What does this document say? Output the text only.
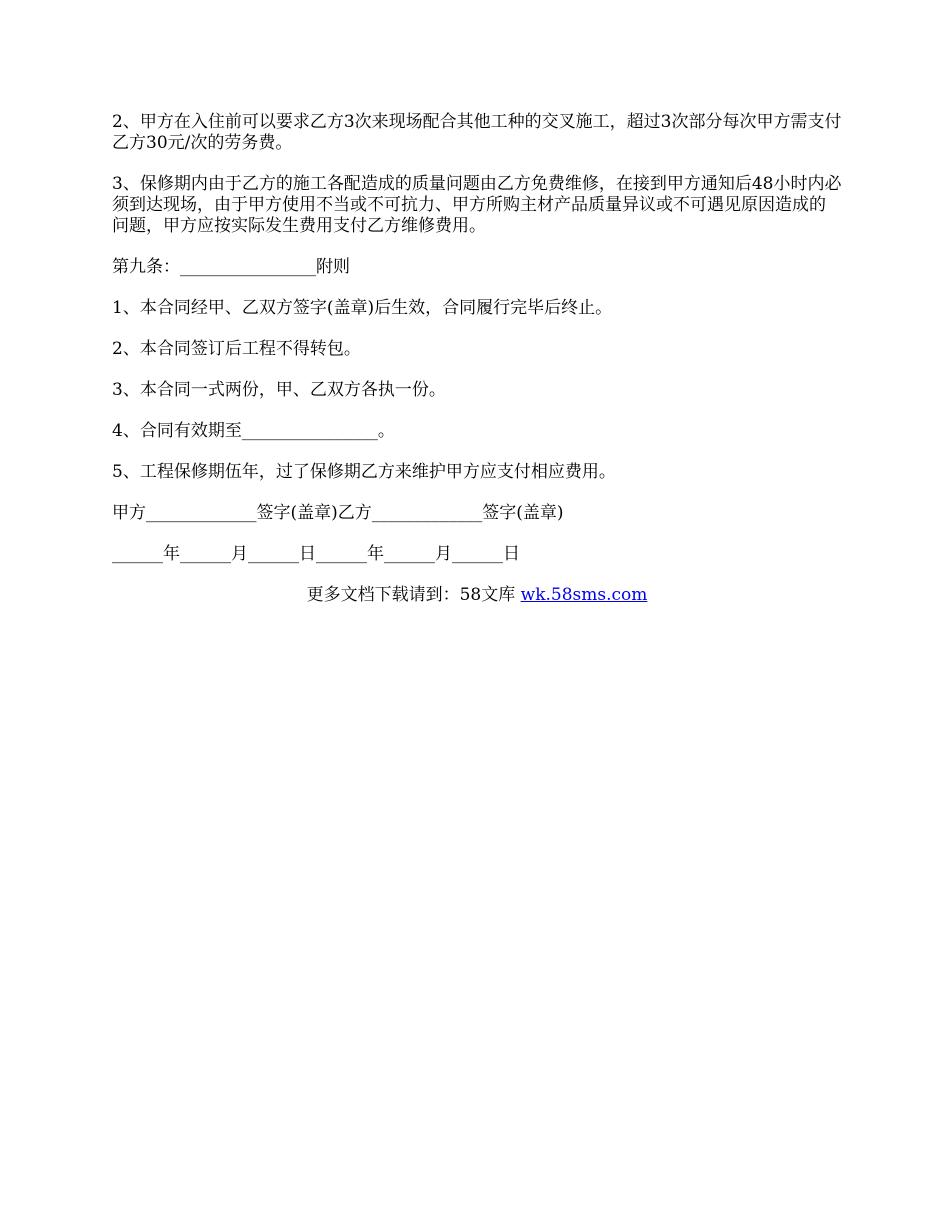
2、甲方在入住前可以要求乙方3次来现场配合其他工种的交叉施工，超过3次部分每次甲方需支付乙方30元/次的劳务费。

3、保修期内由于乙方的施工各配造成的质量问题由乙方免费维修，在接到甲方通知后48小时内必须到达现场，由于甲方使用不当或不可抗力、甲方所购主材产品质量异议或不可遇见原因造成的问题，甲方应按实际发生费用支付乙方维修费用。

第九条：________________附则

1、本合同经甲、乙双方签字(盖章)后生效，合同履行完毕后终止。

2、本合同签订后工程不得转包。

3、本合同一式两份，甲、乙双方各执一份。

4、合同有效期至________________。

5、工程保修期伍年，过了保修期乙方来维护甲方应支付相应费用。

甲方_____________签字(盖章)乙方_____________签字(盖章)

______年______月______日______年______月______日

更多文档下载请到：58文库 wk.58sms.com
